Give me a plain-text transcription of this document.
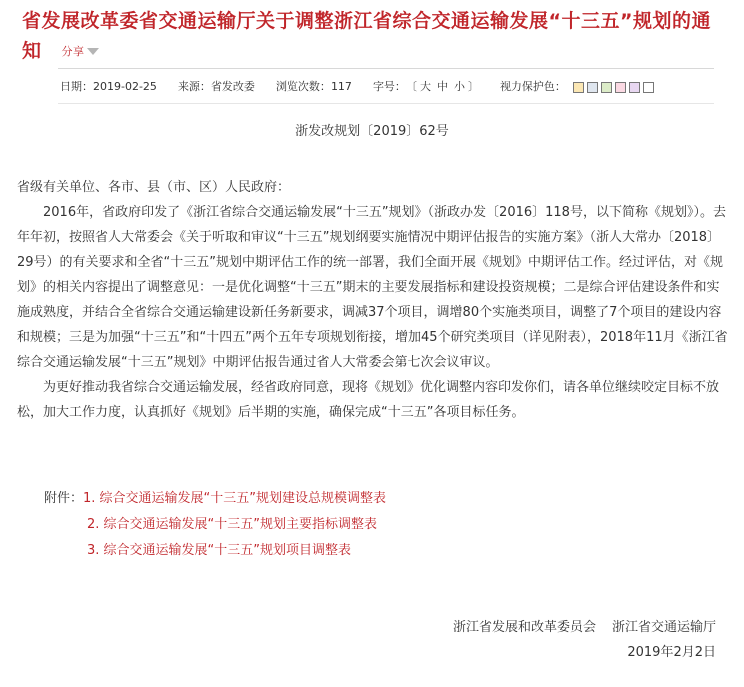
省发展改革委省交通运输厅关于调整浙江省综合交通运输发展“十三五”规划的通知 分享
日期：2019-02-25 来源：省发改委 浏览次数：117 字号：〔 大 中 小 〕 视力保护色：
浙发改规划〔2019〕62号

省级有关单位、各市、县（市、区）人民政府：

2016年，省政府印发了《浙江省综合交通运输发展“十三五”规划》（浙政办发〔2016〕118号，以下简称《规划》）。去年年初，按照省人大常委会《关于听取和审议“十三五”规划纲要实施情况中期评估报告的实施方案》（浙人大常办〔2018〕29号）的有关要求和全省“十三五”规划中期评估工作的统一部署，我们全面开展《规划》中期评估工作。经过评估，对《规划》的相关内容提出了调整意见：一是优化调整“十三五”期末的主要发展指标和建设投资规模；二是综合评估建设条件和实施成熟度，并结合全省综合交通运输建设新任务新要求，调减37个项目，调增80个实施类项目，调整了7个项目的建设内容和规模；三是为加强“十三五”和“十四五”两个五年专项规划衔接，增加45个研究类项目（详见附表），2018年11月《浙江省综合交通运输发展“十三五”规划》中期评估报告通过省人大常委会第七次会议审议。

为更好推动我省综合交通运输发展，经省政府同意，现将《规划》优化调整内容印发你们，请各单位继续咬定目标不放松，加大工作力度，认真抓好《规划》后半期的实施，确保完成“十三五”各项目标任务。

附件：1. 综合交通运输发展“十三五”规划建设总规模调整表
2. 综合交通运输发展“十三五”规划主要指标调整表
3. 综合交通运输发展“十三五”规划项目调整表
浙江省发展和改革委员会 浙江省交通运输厅
2019年2月2日
